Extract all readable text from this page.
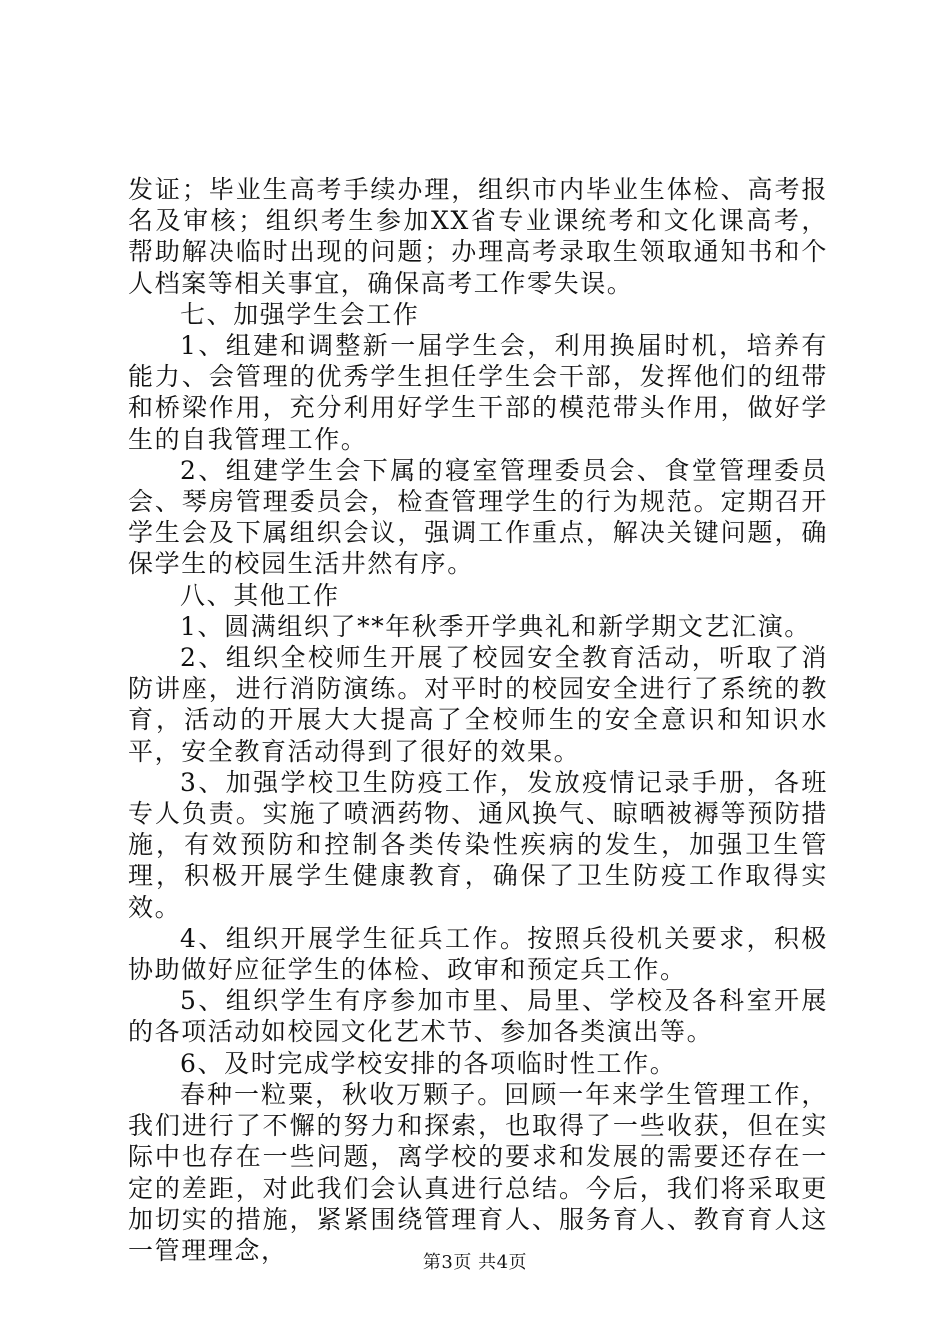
发证；毕业生高考手续办理，组织市内毕业生体检、高考报名及审核；组织考生参加XX省专业课统考和文化课高考，帮助解决临时出现的问题；办理高考录取生领取通知书和个人档案等相关事宜，确保高考工作零失误。

七、加强学生会工作

1、组建和调整新一届学生会，利用换届时机，培养有能力、会管理的优秀学生担任学生会干部，发挥他们的纽带和桥梁作用，充分利用好学生干部的模范带头作用，做好学生的自我管理工作。

2、组建学生会下属的寝室管理委员会、食堂管理委员会、琴房管理委员会，检查管理学生的行为规范。定期召开学生会及下属组织会议，强调工作重点，解决关键问题，确保学生的校园生活井然有序。

八、其他工作

1、圆满组织了**年秋季开学典礼和新学期文艺汇演。

2、组织全校师生开展了校园安全教育活动，听取了消防讲座，进行消防演练。对平时的校园安全进行了系统的教育，活动的开展大大提高了全校师生的安全意识和知识水平，安全教育活动得到了很好的效果。

3、加强学校卫生防疫工作，发放疫情记录手册，各班专人负责。实施了喷洒药物、通风换气、晾晒被褥等预防措施，有效预防和控制各类传染性疾病的发生，加强卫生管理，积极开展学生健康教育，确保了卫生防疫工作取得实效。

4、组织开展学生征兵工作。按照兵役机关要求，积极协助做好应征学生的体检、政审和预定兵工作。

5、组织学生有序参加市里、局里、学校及各科室开展的各项活动如校园文化艺术节、参加各类演出等。

6、及时完成学校安排的各项临时性工作。

春种一粒粟，秋收万颗子。回顾一年来学生管理工作，我们进行了不懈的努力和探索，也取得了一些收获，但在实际中也存在一些问题，离学校的要求和发展的需要还存在一定的差距，对此我们会认真进行总结。今后，我们将采取更加切实的措施，紧紧围绕管理育人、服务育人、教育育人这一管理理念，	第3页 共4页
